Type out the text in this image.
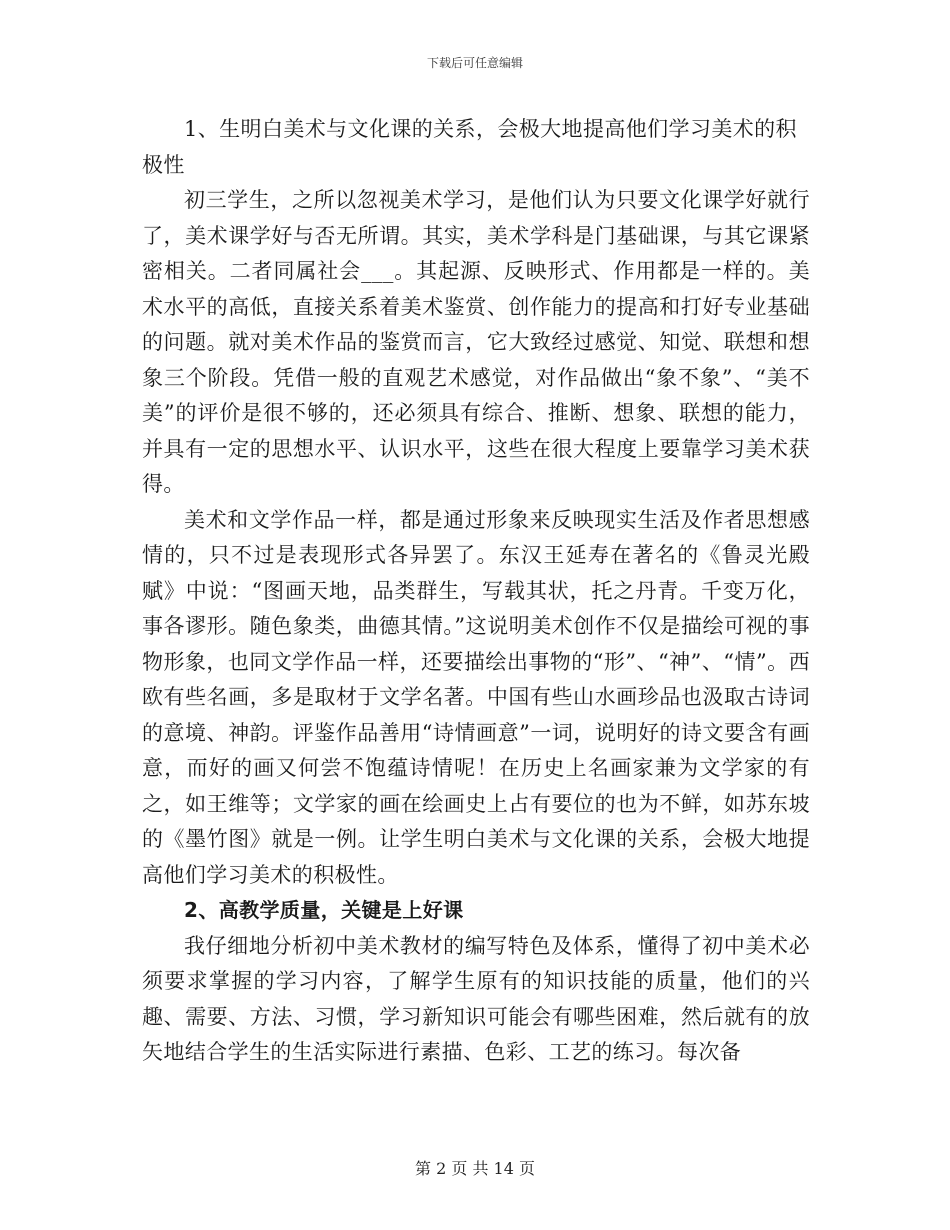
下载后可任意编辑

1、生明白美术与文化课的关系，会极大地提高他们学习美术的积极性

初三学生，之所以忽视美术学习，是他们认为只要文化课学好就行了，美术课学好与否无所谓。其实，美术学科是门基础课，与其它课紧密相关。二者同属社会___。其起源、反映形式、作用都是一样的。美术水平的高低，直接关系着美术鉴赏、创作能力的提高和打好专业基础的问题。就对美术作品的鉴赏而言，它大致经过感觉、知觉、联想和想象三个阶段。凭借一般的直观艺术感觉，对作品做出“象不象”、“美不美”的评价是很不够的，还必须具有综合、推断、想象、联想的能力，并具有一定的思想水平、认识水平，这些在很大程度上要靠学习美术获得。

美术和文学作品一样，都是通过形象来反映现实生活及作者思想感情的，只不过是表现形式各异罢了。东汉王延寿在著名的《鲁灵光殿赋》中说：“图画天地，品类群生，写载其状，托之丹青。千变万化，事各谬形。随色象类，曲德其情。”这说明美术创作不仅是描绘可视的事物形象，也同文学作品一样，还要描绘出事物的“形”、“神”、“情”。西欧有些名画，多是取材于文学名著。中国有些山水画珍品也汲取古诗词的意境、神韵。评鉴作品善用“诗情画意”一词，说明好的诗文要含有画意，而好的画又何尝不饱蕴诗情呢！在历史上名画家兼为文学家的有之，如王维等；文学家的画在绘画史上占有要位的也为不鲜，如苏东坡的《墨竹图》就是一例。让学生明白美术与文化课的关系，会极大地提高他们学习美术的积极性。

2、高教学质量，关键是上好课

我仔细地分析初中美术教材的编写特色及体系，懂得了初中美术必须要求掌握的学习内容，了解学生原有的知识技能的质量，他们的兴趣、需要、方法、习惯，学习新知识可能会有哪些困难，然后就有的放矢地结合学生的生活实际进行素描、色彩、工艺的练习。每次备

第 2 页 共 14 页
